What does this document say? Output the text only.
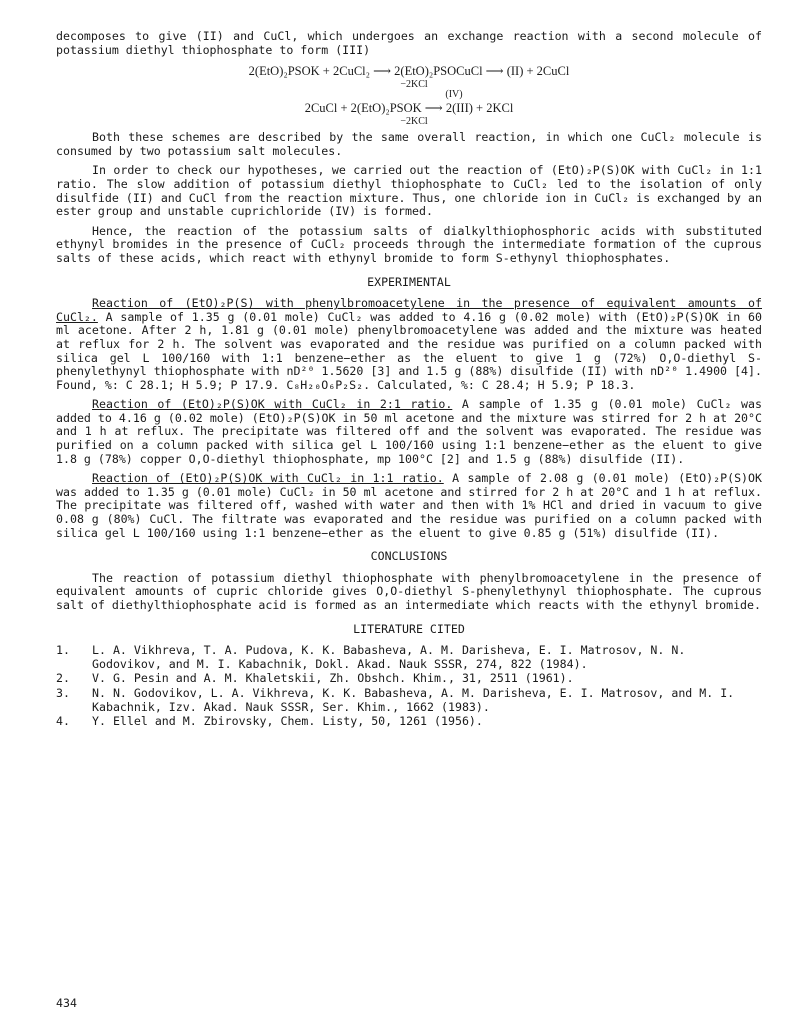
decomposes to give (II) and CuCl, which undergoes an exchange reaction with a second molecule of potassium diethyl thiophosphate to form (III)

2(EtO)₂PSOK + 2CuCl₂ ⟶ 2(EtO)₂PSOCuCl ⟶ (II) + 2CuCl
−2KCl
(IV)
2CuCl + 2(EtO)₂PSOK ⟶ 2(III) + 2KCl
−2KCl

Both these schemes are described by the same overall reaction, in which one CuCl₂ molecule is consumed by two potassium salt molecules.

In order to check our hypotheses, we carried out the reaction of (EtO)₂P(S)OK with CuCl₂ in 1:1 ratio. The slow addition of potassium diethyl thiophosphate to CuCl₂ led to the isolation of only disulfide (II) and CuCl from the reaction mixture. Thus, one chloride ion in CuCl₂ is exchanged by an ester group and unstable cuprichloride (IV) is formed.

Hence, the reaction of the potassium salts of dialkylthiophosphoric acids with substituted ethynyl bromides in the presence of CuCl₂ proceeds through the intermediate formation of the cuprous salts of these acids, which react with ethynyl bromide to form S-ethynyl thiophosphates.

EXPERIMENTAL

Reaction of (EtO)₂P(S) with phenylbromoacetylene in the presence of equivalent amounts of CuCl₂. A sample of 1.35 g (0.01 mole) CuCl₂ was added to 4.16 g (0.02 mole) with (EtO)₂P(S)OK in 60 ml acetone. After 2 h, 1.81 g (0.01 mole) phenylbromoacetylene was added and the mixture was heated at reflux for 2 h. The solvent was evaporated and the residue was purified on a column packed with silica gel L 100/160 with 1:1 benzene−ether as the eluent to give 1 g (72%) O,O-diethyl S-phenylethynyl thiophosphate with nD²⁰ 1.5620 [3] and 1.5 g (88%) disulfide (II) with nD²⁰ 1.4900 [4]. Found, %: C 28.1; H 5.9; P 17.9. C₈H₂₀O₆P₂S₂. Calculated, %: C 28.4; H 5.9; P 18.3.

Reaction of (EtO)₂P(S)OK with CuCl₂ in 2:1 ratio. A sample of 1.35 g (0.01 mole) CuCl₂ was added to 4.16 g (0.02 mole) (EtO)₂P(S)OK in 50 ml acetone and the mixture was stirred for 2 h at 20°C and 1 h at reflux. The precipitate was filtered off and the solvent was evaporated. The residue was purified on a column packed with silica gel L 100/160 using 1:1 benzene−ether as the eluent to give 1.8 g (78%) copper O,O-diethyl thiophosphate, mp 100°C [2] and 1.5 g (88%) disulfide (II).

Reaction of (EtO)₂P(S)OK with CuCl₂ in 1:1 ratio. A sample of 2.08 g (0.01 mole) (EtO)₂P(S)OK was added to 1.35 g (0.01 mole) CuCl₂ in 50 ml acetone and stirred for 2 h at 20°C and 1 h at reflux. The precipitate was filtered off, washed with water and then with 1% HCl and dried in vacuum to give 0.08 g (80%) CuCl. The filtrate was evaporated and the residue was purified on a column packed with silica gel L 100/160 using 1:1 benzene−ether as the eluent to give 0.85 g (51%) disulfide (II).

CONCLUSIONS

The reaction of potassium diethyl thiophosphate with phenylbromoacetylene in the presence of equivalent amounts of cupric chloride gives O,O-diethyl S-phenylethynyl thiophosphate. The cuprous salt of diethylthiophosphate acid is formed as an intermediate which reacts with the ethynyl bromide.

LITERATURE CITED
1.	L. A. Vikhreva, T. A. Pudova, K. K. Babasheva, A. M. Darisheva, E. I. Matrosov, N. N. Godovikov, and M. I. Kabachnik, Dokl. Akad. Nauk SSSR, 274, 822 (1984).
2.	V. G. Pesin and A. M. Khaletskii, Zh. Obshch. Khim., 31, 2511 (1961).
3.	N. N. Godovikov, L. A. Vikhreva, K. K. Babasheva, A. M. Darisheva, E. I. Matrosov, and M. I. Kabachnik, Izv. Akad. Nauk SSSR, Ser. Khim., 1662 (1983).
4.	Y. Ellel and M. Zbirovsky, Chem. Listy, 50, 1261 (1956).
434
